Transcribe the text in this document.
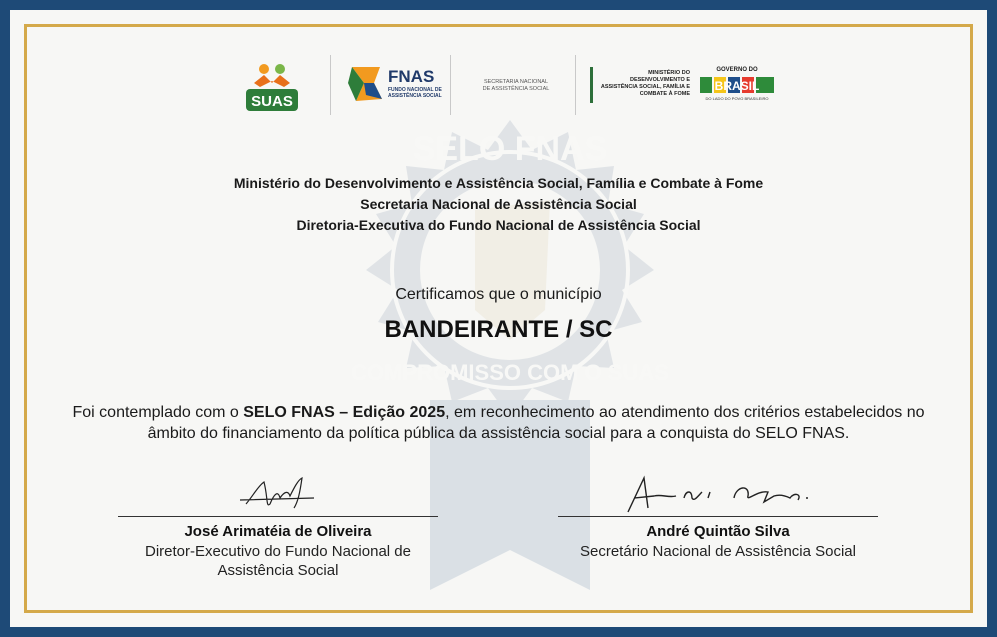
SELO FNAS
COMPROMISSO COM O SUAS
SUAS
FNAS
FUNDO NACIONAL DE ASSISTÊNCIA SOCIAL
SECRETARIA NACIONAL DE ASSISTÊNCIA SOCIAL
MINISTÉRIO DO DESENVOLVIMENTO E ASSISTÊNCIA SOCIAL, FAMÍLIA E COMBATE À FOME
GOVERNO DO
BRASIL
DO LADO DO POVO BRASILEIRO
Ministério do Desenvolvimento e Assistência Social, Família e Combate à Fome
Secretaria Nacional de Assistência Social
Diretoria-Executiva do Fundo Nacional de Assistência Social
Certificamos que o município
BANDEIRANTE / SC
Foi contemplado com o SELO FNAS – Edição 2025, em reconhecimento ao atendimento dos critérios estabelecidos no âmbito do financiamento da política pública da assistência social para a conquista do SELO FNAS.
José Arimatéia de Oliveira
Diretor-Executivo do Fundo Nacional de Assistência Social
André Quintão Silva
Secretário Nacional de Assistência Social
